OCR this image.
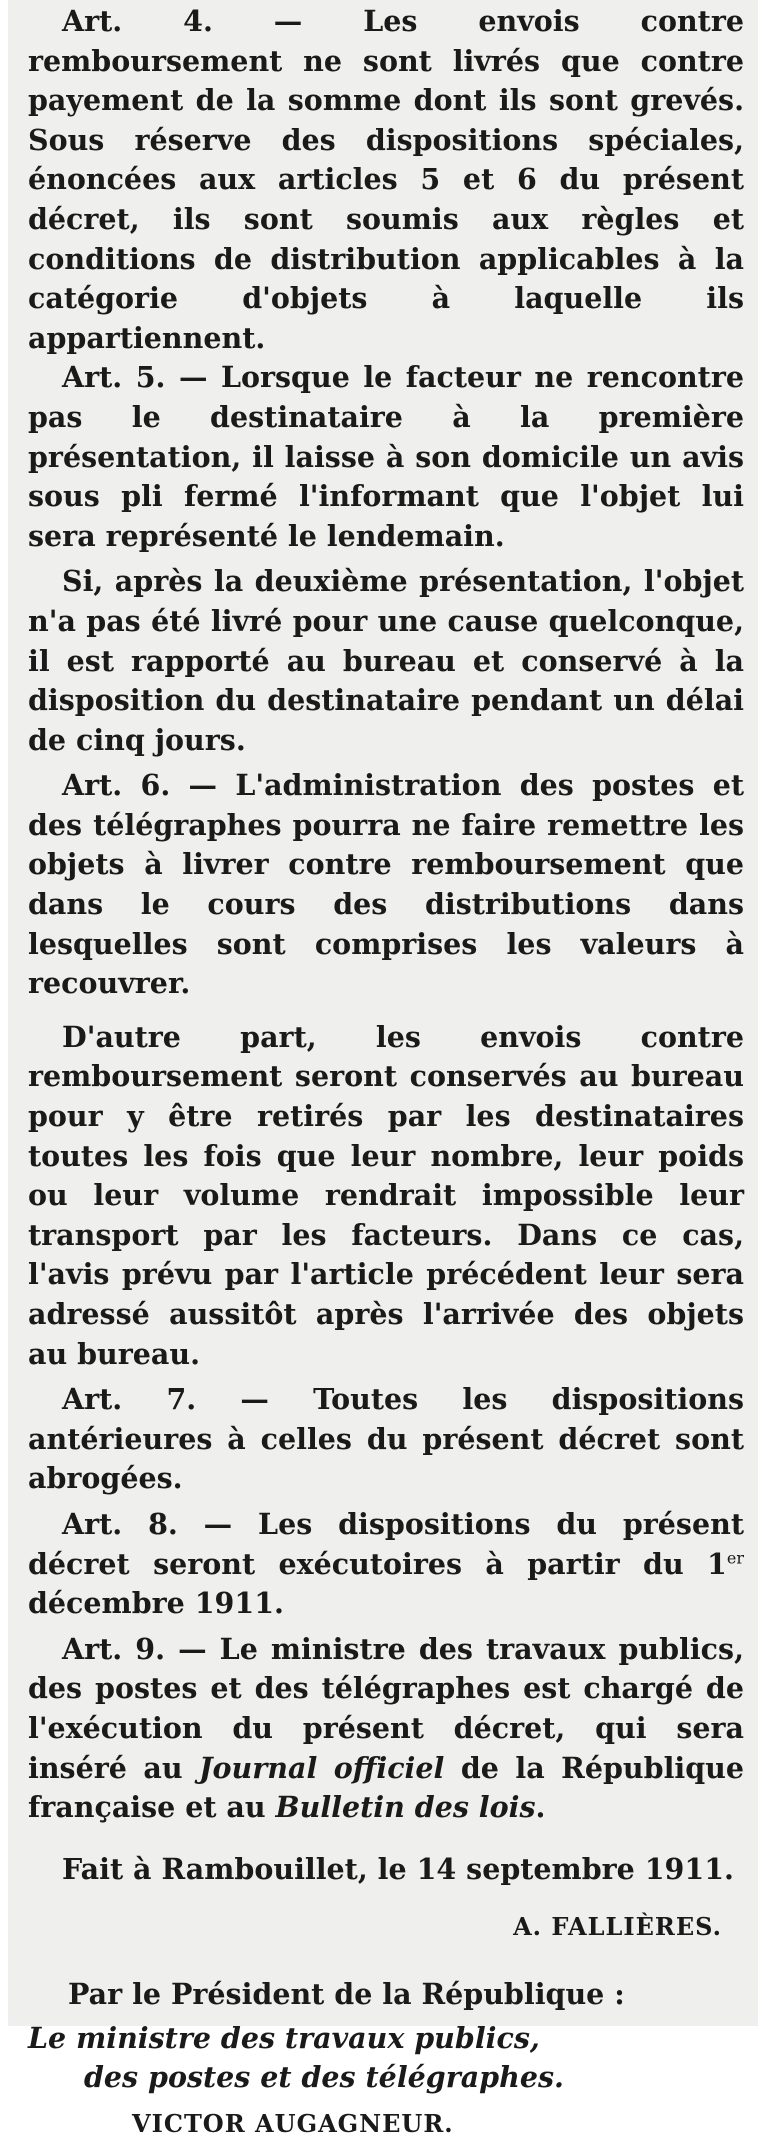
Art. 4. — Les envois contre remboursement ne sont livrés que contre payement de la somme dont ils sont grevés. Sous réserve des dispositions spéciales, énoncées aux articles 5 et 6 du présent décret, ils sont soumis aux règles et conditions de distribution applicables à la catégorie d'objets à laquelle ils appartiennent.

Art. 5. — Lorsque le facteur ne rencontre pas le destinataire à la première présentation, il laisse à son domicile un avis sous pli fermé l'informant que l'objet lui sera représenté le lendemain.

Si, après la deuxième présentation, l'objet n'a pas été livré pour une cause quelconque, il est rapporté au bureau et conservé à la disposition du destinataire pendant un délai de cinq jours.

Art. 6. — L'administration des postes et des télégraphes pourra ne faire remettre les objets à livrer contre remboursement que dans le cours des distributions dans lesquelles sont comprises les valeurs à recouvrer.

D'autre part, les envois contre remboursement seront conservés au bureau pour y être retirés par les destinataires toutes les fois que leur nombre, leur poids ou leur volume rendrait impossible leur transport par les facteurs. Dans ce cas, l'avis prévu par l'article précédent leur sera adressé aussitôt après l'arrivée des objets au bureau.

Art. 7. — Toutes les dispositions antérieures à celles du présent décret sont abrogées.

Art. 8. — Les dispositions du présent décret seront exécutoires à partir du 1er décembre 1911.

Art. 9. — Le ministre des travaux publics, des postes et des télégraphes est chargé de l'exécution du présent décret, qui sera inséré au Journal officiel de la République française et au Bulletin des lois.

Fait à Rambouillet, le 14 septembre 1911.

A. FALLIÈRES.

Par le Président de la République :

Le ministre des travaux publics,
des postes et des télégraphes.

VICTOR AUGAGNEUR.
